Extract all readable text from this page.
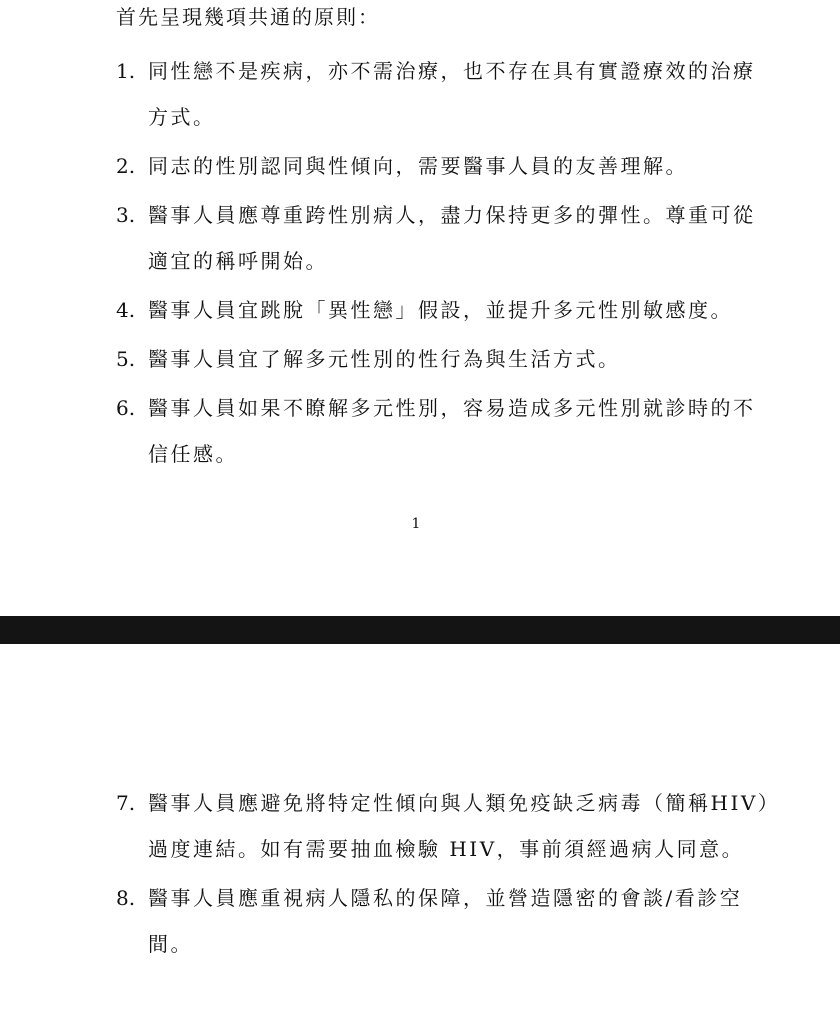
首先呈現幾項共通的原則：
1. 同性戀不是疾病，亦不需治療，也不存在具有實證療效的治療方式。
2. 同志的性別認同與性傾向，需要醫事人員的友善理解。
3. 醫事人員應尊重跨性別病人，盡力保持更多的彈性。尊重可從適宜的稱呼開始。
4. 醫事人員宜跳脫「異性戀」假設，並提升多元性別敏感度。
5. 醫事人員宜了解多元性別的性行為與生活方式。
6. 醫事人員如果不瞭解多元性別，容易造成多元性別就診時的不信任感。
1
7. 醫事人員應避免將特定性傾向與人類免疫缺乏病毒（簡稱HIV）過度連結。如有需要抽血檢驗 HIV，事前須經過病人同意。
8. 醫事人員應重視病人隱私的保障，並營造隱密的會談/看診空間。
